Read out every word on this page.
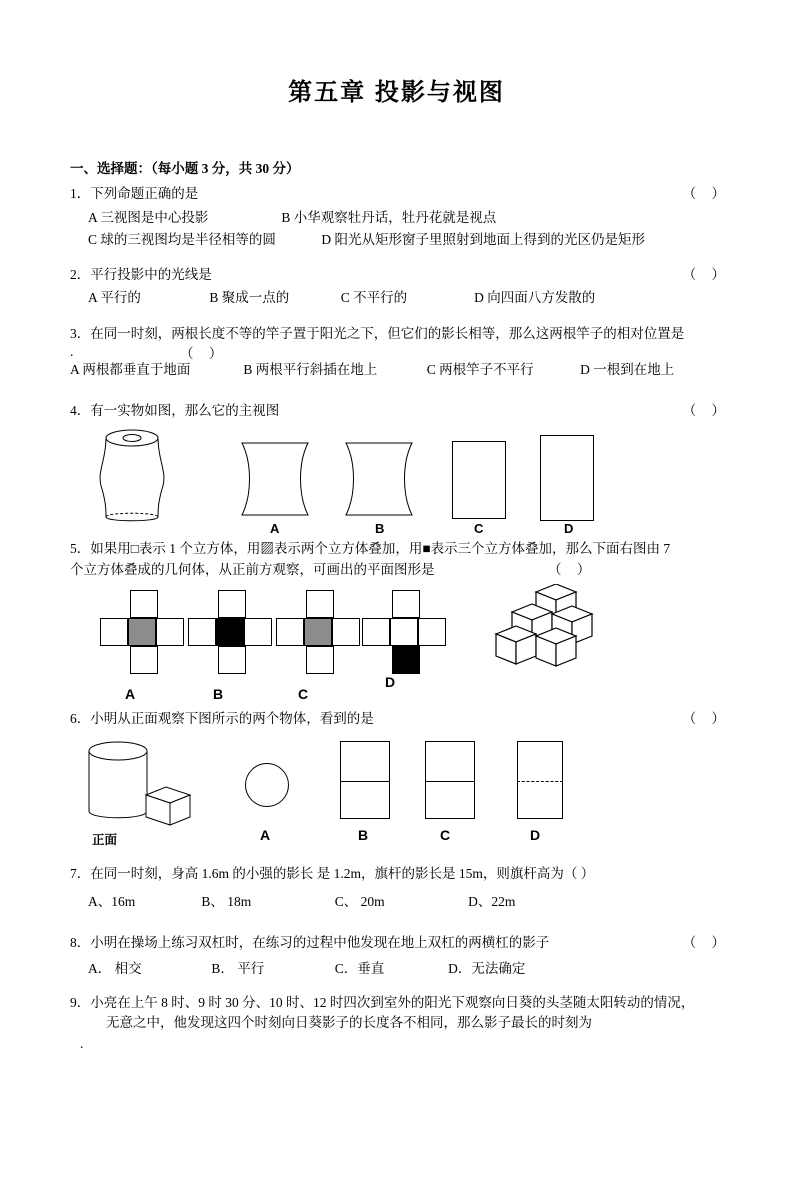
第五章 投影与视图
一、选择题：（每小题 3 分，共 30 分）
1．下列命题正确的是	（ ）
A 三视图是中心投影	B 小华观察牡丹话，牡丹花就是视点
C 球的三视图均是半径相等的圆	D 阳光从矩形窗子里照射到地面上得到的光区仍是矩形
2．平行投影中的光线是	（ ）
A 平行的	B 聚成一点的	C 不平行的	D 向四面八方发散的
3．在同一时刻，两根长度不等的竿子置于阳光之下，但它们的影长相等，那么这两根竿子的相对位置是
.	（ ）
A 两根都垂直于地面	B 两根平行斜插在地上	C 两根竿子不平行	D 一根到在地上
4．有一实物如图，那么它的主视图	（ ）
A	B	C	D
5．如果用□表示 1 个立方体，用▨表示两个立方体叠加，用■表示三个立方体叠加，那么下面右图由 7
个立方体叠成的几何体，从正前方观察，可画出的平面图形是	（ ）
A	B	C
D
6．小明从正面观察下图所示的两个物体，看到的是	（ ）
正面	A	B	C	D
7．在同一时刻，身高 1.6m 的小强的影长 是 1.2m，旗杆的影长是 15m，则旗杆高为（ ）
A、16m	B、 18m	C、 20m	D、22m
8．小明在操场上练习双杠时，在练习的过程中他发现在地上双杠的两横杠的影子	（ ）
A． 相交	B． 平行	C．垂直	D．无法确定
9．小亮在上午 8 时、9 时 30 分、10 时、12 时四次到室外的阳光下观察向日葵的头茎随太阳转动的情况，
无意之中，他发现这四个时刻向日葵影子的长度各不相同，那么影子最长的时刻为
.
